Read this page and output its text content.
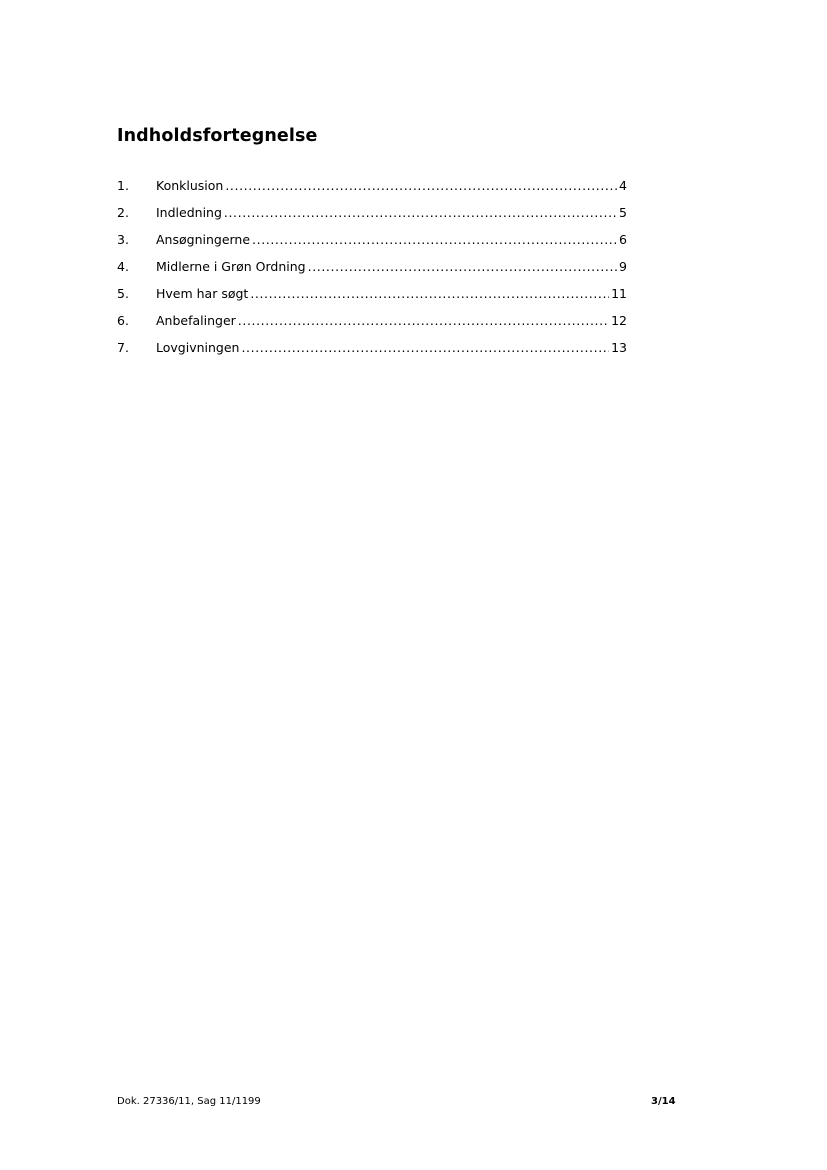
Indholdsfortegnelse
1.	Konklusion .....	4
2.	Indledning .....	5
3.	Ansøgningerne .....	6
4.	Midlerne i Grøn Ordning .....	9
5.	Hvem har søgt .....	11
6.	Anbefalinger .....	12
7.	Lovgivningen .....	13
Dok. 27336/11, Sag 11/1199	3/14
